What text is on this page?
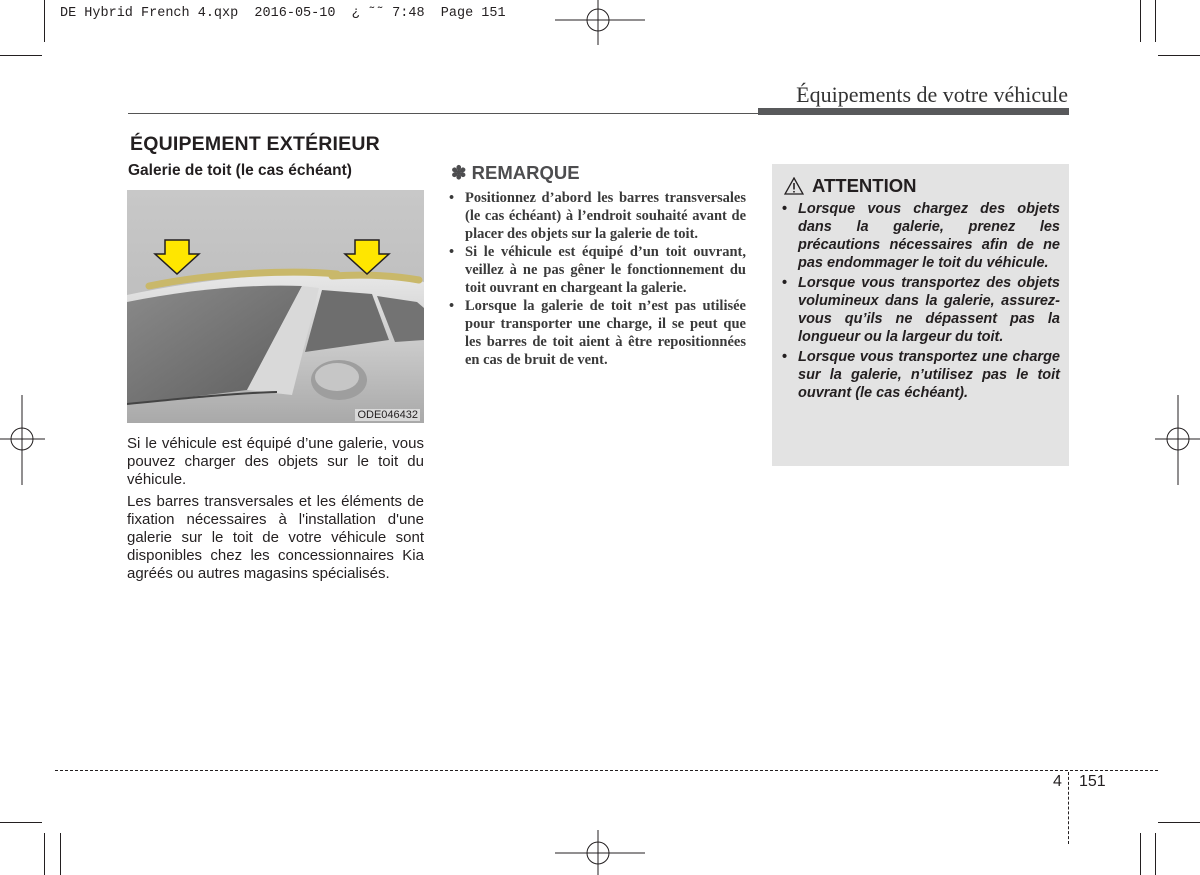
DE Hybrid French 4.qxp  2016-05-10  ¿ ˜˜ 7:48  Page 151
Équipements de votre véhicule
ÉQUIPEMENT EXTÉRIEUR
Galerie de toit (le cas échéant)
ODE046432

Si le véhicule est équipé d’une galerie, vous pouvez charger des objets sur le toit du véhicule.

Les barres transversales et les éléments de fixation nécessaires à l'installation d'une galerie sur le toit de votre véhicule sont disponibles chez les concessionnaires Kia agréés ou autres magasins spécialisés.

✽ REMARQUE
• Positionnez d’abord les barres transversales (le cas échéant) à l’endroit souhaité avant de placer des objets sur la galerie de toit.
• Si le véhicule est équipé d’un toit ouvrant, veillez à ne pas gêner le fonctionnement du toit ouvrant en chargeant la galerie.
• Lorsque la galerie de toit n’est pas utilisée pour transporter une charge, il se peut que les barres de toit aient à être repositionnées en cas de bruit de vent.
ATTENTION
• Lorsque vous chargez des objets dans la galerie, prenez les précautions nécessaires afin de ne pas endommager le toit du véhicule.
• Lorsque vous transportez des objets volumineux dans la galerie, assurez-vous qu’ils ne dépassent pas la longueur ou la largeur du toit.
• Lorsque vous transportez une charge sur la galerie, n’utilisez pas le toit ouvrant (le cas échéant).
4 151
